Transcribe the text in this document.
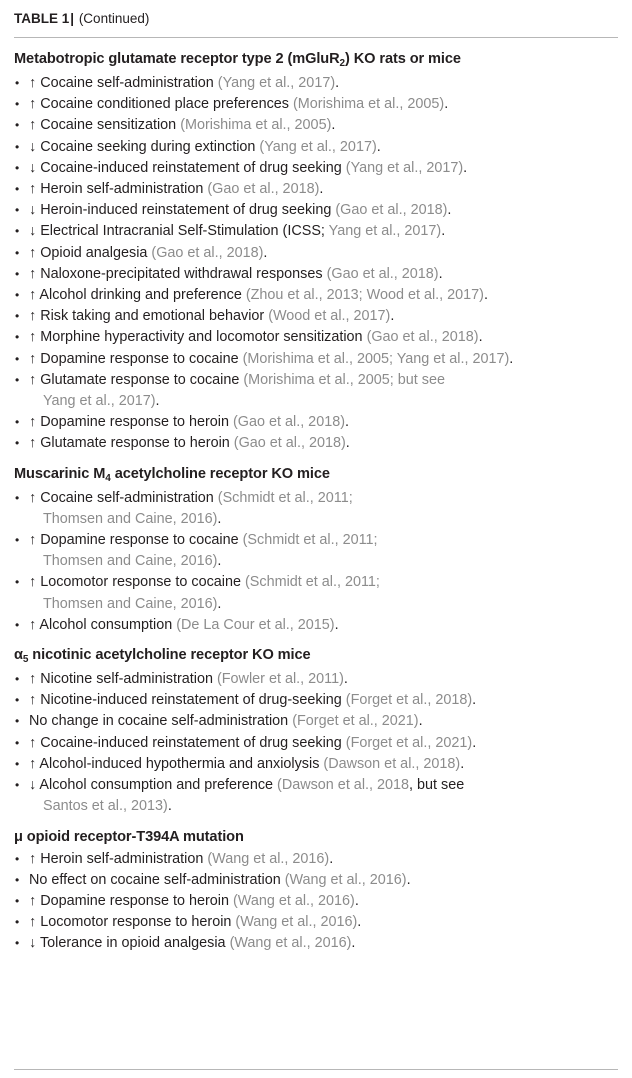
TABLE 1| (Continued)
Metabotropic glutamate receptor type 2 (mGluR$_2$) KO rats or mice
• ↑ Cocaine self-administration (Yang et al., 2017).
• ↑ Cocaine conditioned place preferences (Morishima et al., 2005).
• ↑ Cocaine sensitization (Morishima et al., 2005).
• ↓ Cocaine seeking during extinction (Yang et al., 2017).
• ↓ Cocaine-induced reinstatement of drug seeking (Yang et al., 2017).
• ↑ Heroin self-administration (Gao et al., 2018).
• ↓ Heroin-induced reinstatement of drug seeking (Gao et al., 2018).
• ↓ Electrical Intracranial Self-Stimulation (ICSS; Yang et al., 2017).
• ↑ Opioid analgesia (Gao et al., 2018).
• ↑ Naloxone-precipitated withdrawal responses (Gao et al., 2018).
• ↑ Alcohol drinking and preference (Zhou et al., 2013; Wood et al., 2017).
• ↑ Risk taking and emotional behavior (Wood et al., 2017).
• ↑ Morphine hyperactivity and locomotor sensitization (Gao et al., 2018).
• ↑ Dopamine response to cocaine (Morishima et al., 2005; Yang et al., 2017).
• ↑ Glutamate response to cocaine (Morishima et al., 2005; but see
Yang et al., 2017).
• ↑ Dopamine response to heroin (Gao et al., 2018).
• ↑ Glutamate response to heroin (Gao et al., 2018).
Muscarinic $M_4$ acetylcholine receptor KO mice
• ↑ Cocaine self-administration (Schmidt et al., 2011;
Thomsen and Caine, 2016).
• ↑ Dopamine response to cocaine (Schmidt et al., 2011;
Thomsen and Caine, 2016).
• ↑ Locomotor response to cocaine (Schmidt et al., 2011;
Thomsen and Caine, 2016).
• ↑ Alcohol consumption (De La Cour et al., 2015).
$\alpha_5$ nicotinic acetylcholine receptor KO mice
• ↑ Nicotine self-administration (Fowler et al., 2011).
• ↑ Nicotine-induced reinstatement of drug-seeking (Forget et al., 2018).
• No change in cocaine self-administration (Forget et al., 2021).
• ↑ Cocaine-induced reinstatement of drug seeking (Forget et al., 2021).
• ↑ Alcohol-induced hypothermia and anxiolysis (Dawson et al., 2018).
• ↓ Alcohol consumption and preference (Dawson et al., 2018, but see
Santos et al., 2013).
μ opioid receptor-T394A mutation
• ↑ Heroin self-administration (Wang et al., 2016).
• No effect on cocaine self-administration (Wang et al., 2016).
• ↑ Dopamine response to heroin (Wang et al., 2016).
• ↑ Locomotor response to heroin (Wang et al., 2016).
• ↓ Tolerance in opioid analgesia (Wang et al., 2016).
